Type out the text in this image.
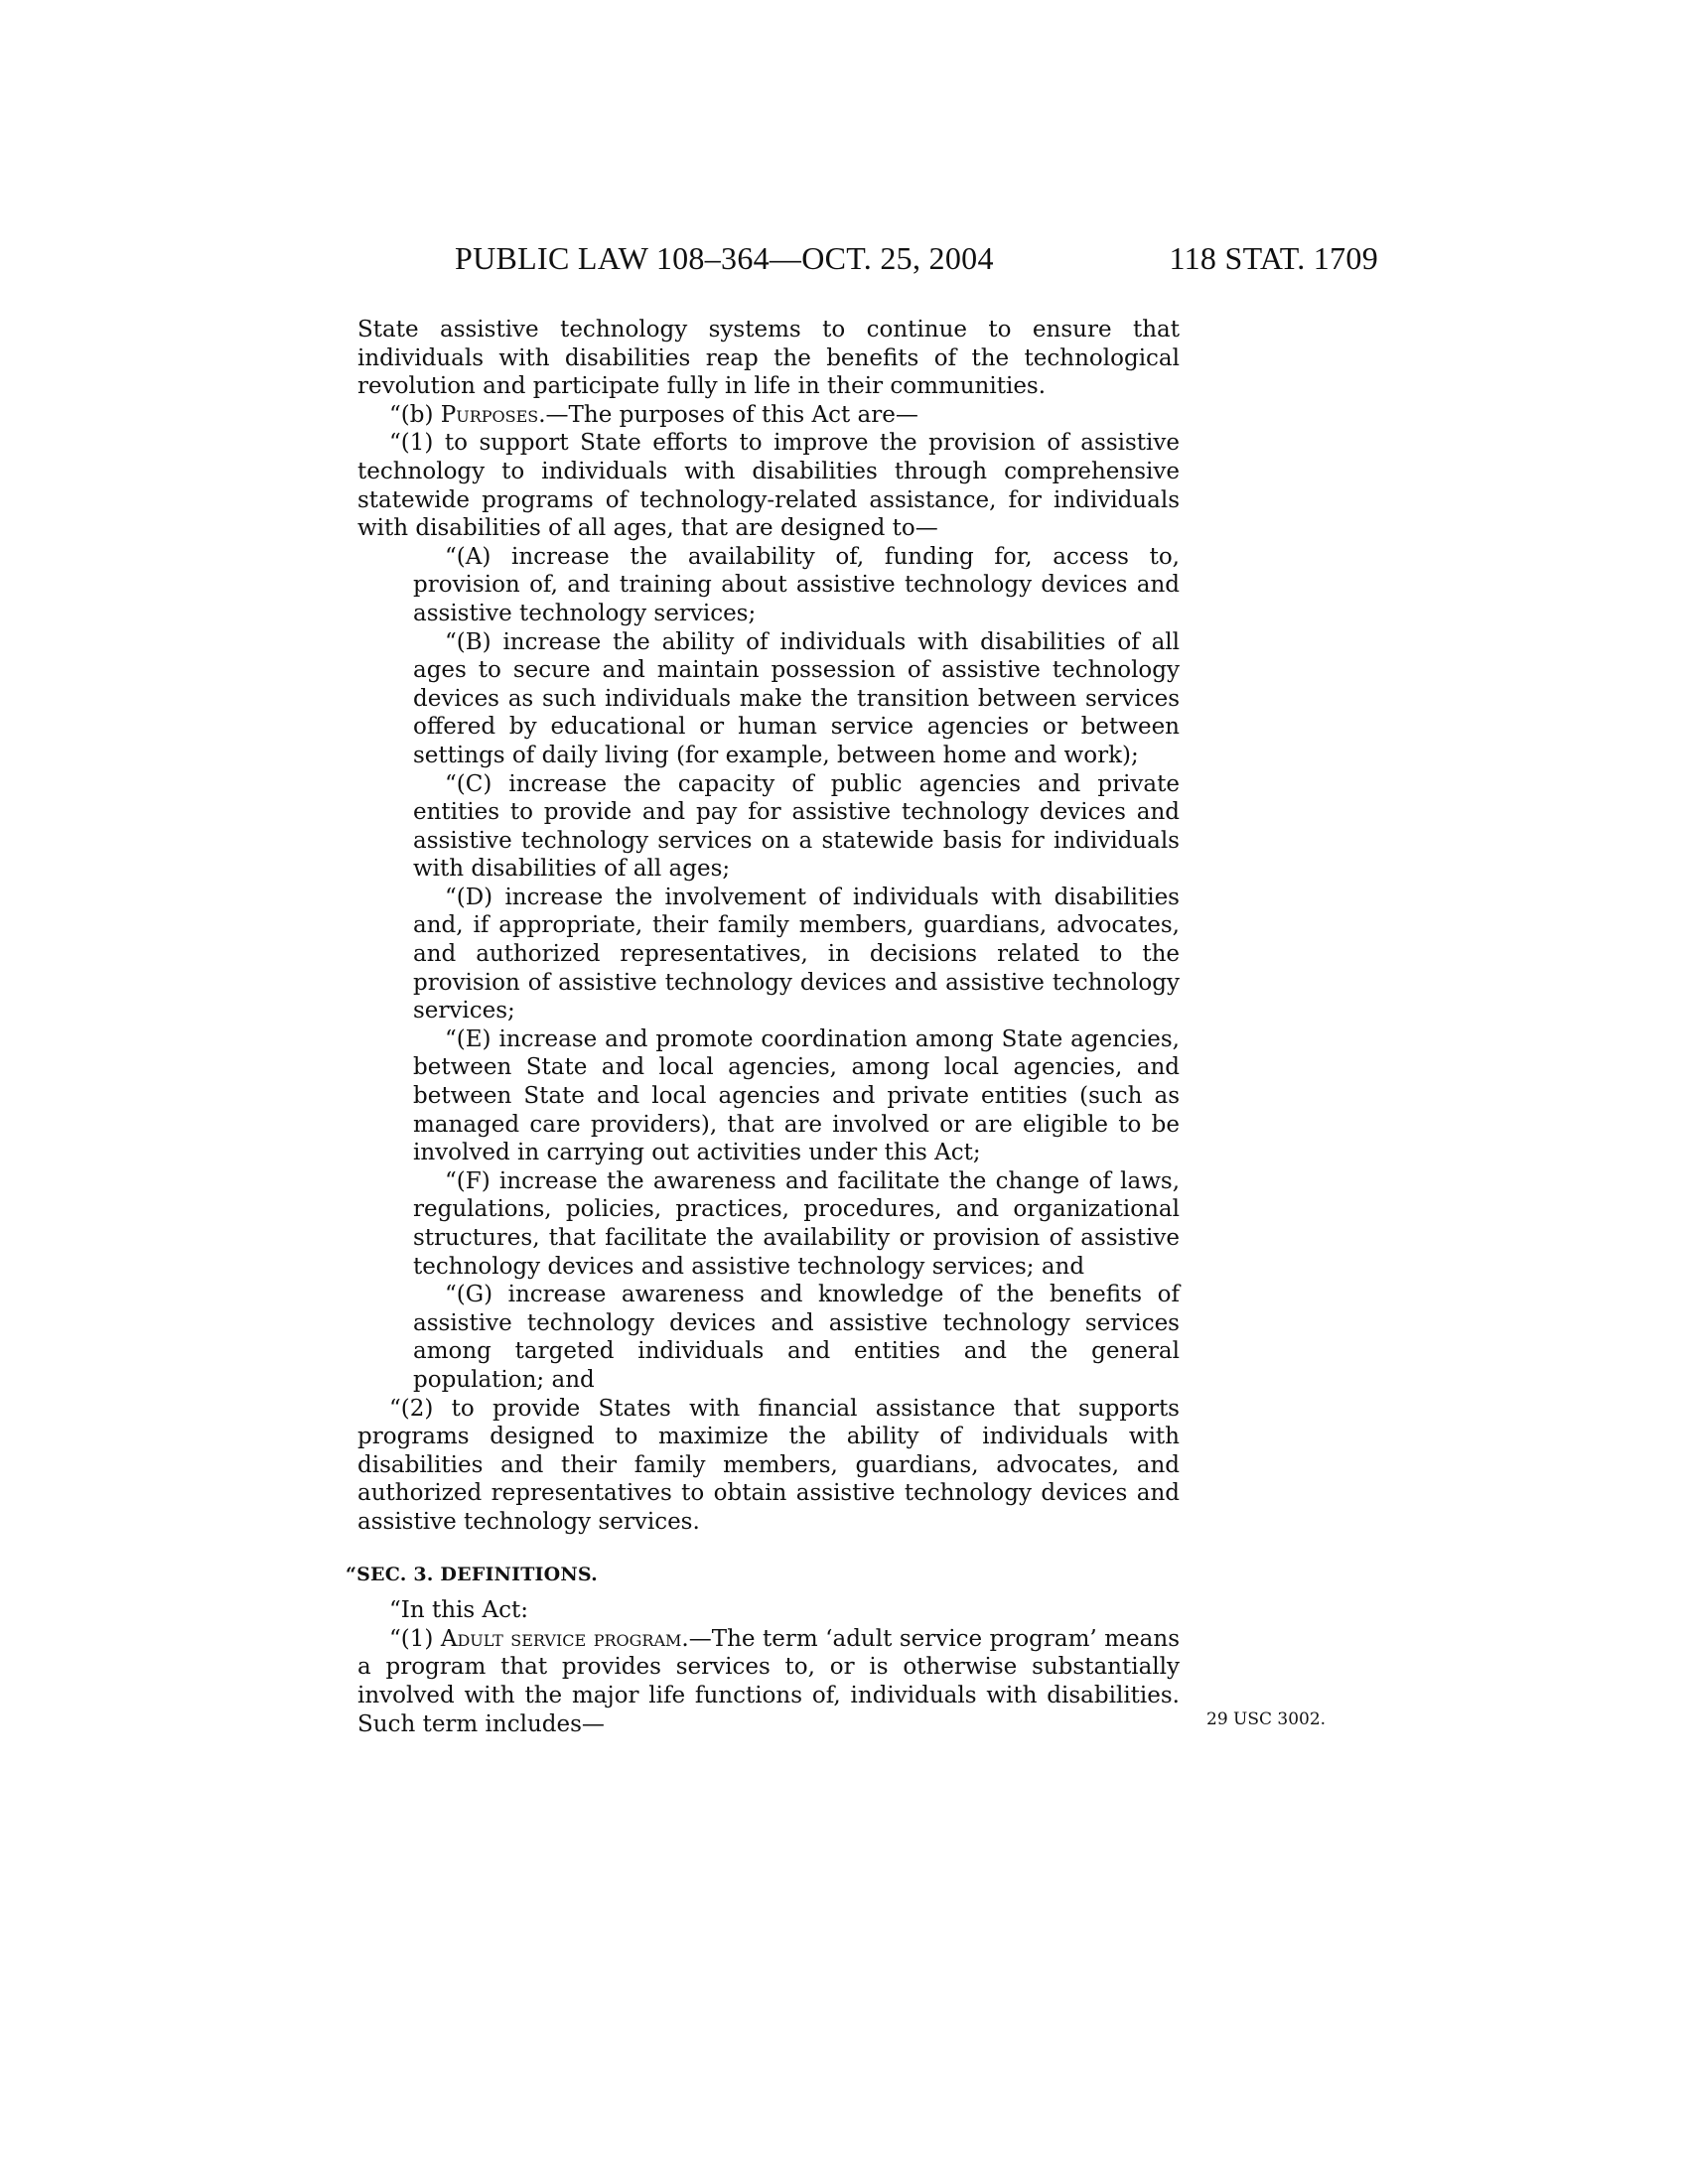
PUBLIC LAW 108–364—OCT. 25, 2004	118 STAT. 1709

State assistive technology systems to continue to ensure that individuals with disabilities reap the benefits of the technological revolution and participate fully in life in their communities.

“(b) Purposes.—The purposes of this Act are—

“(1) to support State efforts to improve the provision of assistive technology to individuals with disabilities through comprehensive statewide programs of technology-related assistance, for individuals with disabilities of all ages, that are designed to—

“(A) increase the availability of, funding for, access to, provision of, and training about assistive technology devices and assistive technology services;

“(B) increase the ability of individuals with disabilities of all ages to secure and maintain possession of assistive technology devices as such individuals make the transition between services offered by educational or human service agencies or between settings of daily living (for example, between home and work);

“(C) increase the capacity of public agencies and private entities to provide and pay for assistive technology devices and assistive technology services on a statewide basis for individuals with disabilities of all ages;

“(D) increase the involvement of individuals with disabilities and, if appropriate, their family members, guardians, advocates, and authorized representatives, in decisions related to the provision of assistive technology devices and assistive technology services;

“(E) increase and promote coordination among State agencies, between State and local agencies, among local agencies, and between State and local agencies and private entities (such as managed care providers), that are involved or are eligible to be involved in carrying out activities under this Act;

“(F) increase the awareness and facilitate the change of laws, regulations, policies, practices, procedures, and organizational structures, that facilitate the availability or provision of assistive technology devices and assistive technology services; and

“(G) increase awareness and knowledge of the benefits of assistive technology devices and assistive technology services among targeted individuals and entities and the general population; and

“(2) to provide States with financial assistance that supports programs designed to maximize the ability of individuals with disabilities and their family members, guardians, advocates, and authorized representatives to obtain assistive technology devices and assistive technology services.

“SEC. 3. DEFINITIONS.

“In this Act:

“(1) Adult service program.—The term ‘adult service program’ means a program that provides services to, or is otherwise substantially involved with the major life functions of, individuals with disabilities. Such term includes—	29 USC 3002.
